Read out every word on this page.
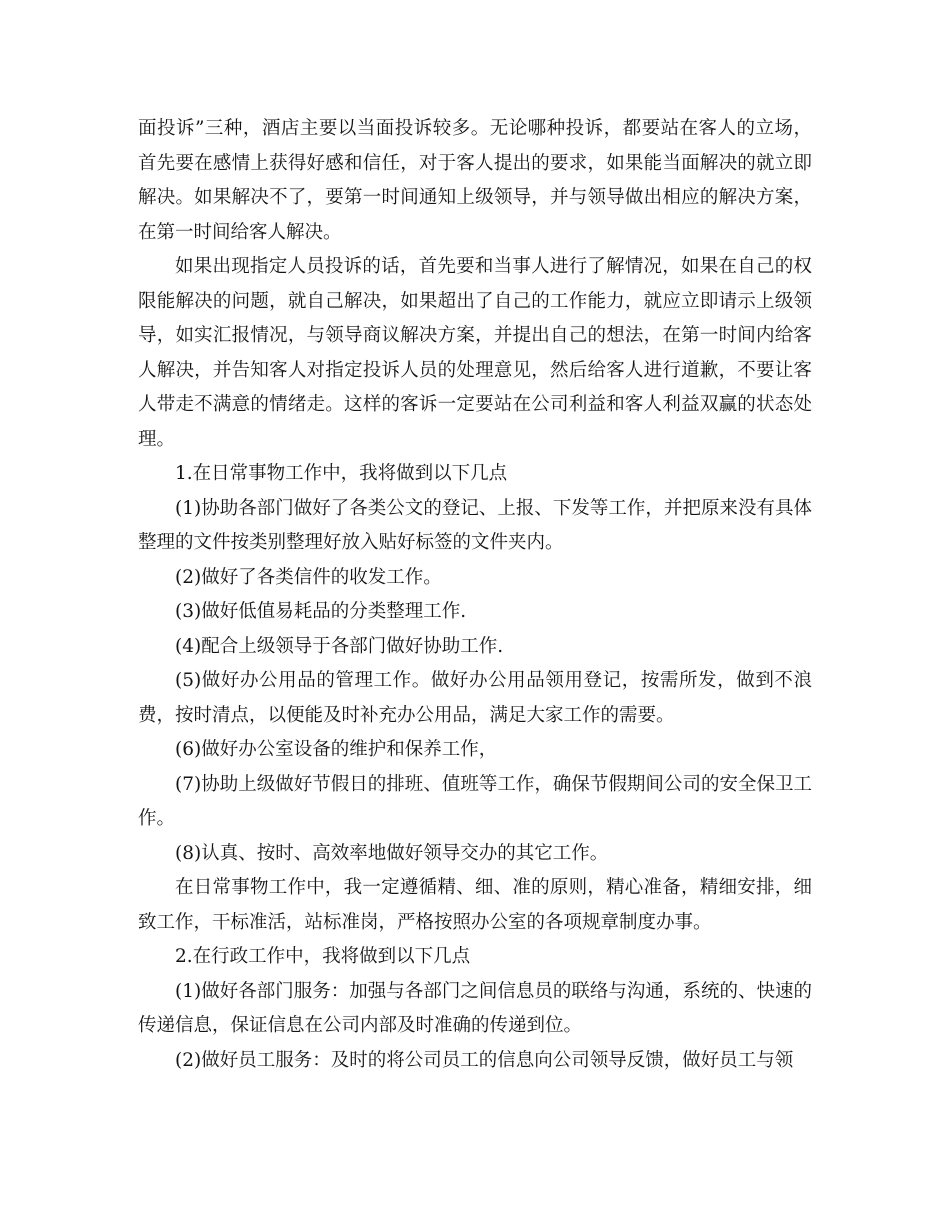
面投诉”三种，酒店主要以当面投诉较多。无论哪种投诉，都要站在客人的立场，首先要在感情上获得好感和信任，对于客人提出的要求，如果能当面解决的就立即解决。如果解决不了，要第一时间通知上级领导，并与领导做出相应的解决方案，在第一时间给客人解决。

如果出现指定人员投诉的话，首先要和当事人进行了解情况，如果在自己的权限能解决的问题，就自己解决，如果超出了自己的工作能力，就应立即请示上级领导，如实汇报情况，与领导商议解决方案，并提出自己的想法，在第一时间内给客人解决，并告知客人对指定投诉人员的处理意见，然后给客人进行道歉，不要让客人带走不满意的情绪走。这样的客诉一定要站在公司利益和客人利益双赢的状态处理。

1.在日常事物工作中，我将做到以下几点

(1)协助各部门做好了各类公文的登记、上报、下发等工作，并把原来没有具体整理的文件按类别整理好放入贴好标签的文件夹内。

(2)做好了各类信件的收发工作。

(3)做好低值易耗品的分类整理工作.

(4)配合上级领导于各部门做好协助工作.

(5)做好办公用品的管理工作。做好办公用品领用登记，按需所发，做到不浪费，按时清点，以便能及时补充办公用品，满足大家工作的需要。

(6)做好办公室设备的维护和保养工作，

(7)协助上级做好节假日的排班、值班等工作，确保节假期间公司的安全保卫工作。

(8)认真、按时、高效率地做好领导交办的其它工作。

在日常事物工作中，我一定遵循精、细、准的原则，精心准备，精细安排，细致工作，干标准活，站标准岗，严格按照办公室的各项规章制度办事。

2.在行政工作中，我将做到以下几点

(1)做好各部门服务：加强与各部门之间信息员的联络与沟通，系统的、快速的传递信息，保证信息在公司内部及时准确的传递到位。

(2)做好员工服务：及时的将公司员工的信息向公司领导反馈，做好员工与领
